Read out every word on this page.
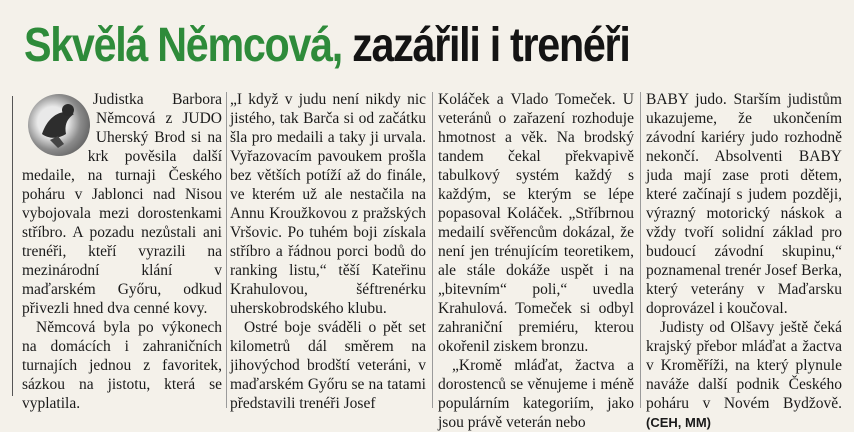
Skvělá Němcová,
zazářili i trenéři

Judistka Barbora Němcová z JUDO Uherský Brod si na krk pověsila další medaile, na turnaji Českého poháru v Jablonci nad Nisou vybojovala mezi dorostenkami stříbro. A pozadu nezůstali ani trenéři, kteří vyrazili na mezinárodní klání v maďarském Győru, odkud přivezli hned dva cenné kovy.

Němcová byla po výkonech na domácích i zahraničních turnajích jednou z favoritek, sázkou na jistotu, která se vyplatila.

„I když v judu není nikdy nic jistého, tak Barča si od začátku šla pro medaili a taky ji urvala. Vyřazovacím pavoukem prošla bez větších potíží až do finále, ve kterém už ale nestačila na Annu Kroužkovou z pražských Vršovic. Po tuhém boji získala stříbro a řádnou porci bodů do ranking listu,“ těší Kateřinu Krahulovou, šéftrenérku uherskobrodského klubu.

Ostré boje sváděli o pět set kilometrů dál směrem na jihovýchod brodští veteráni, v maďarském Győru se na tatami představili trenéři Josef

Koláček a Vlado Tomeček. U veteránů o zařazení rozhoduje hmotnost a věk. Na brodský tandem čekal překvapivě tabulkový systém každý s každým, se kterým se lépe popasoval Koláček. „Stříbrnou medailí svěřencům dokázal, že není jen trénujícím teoretikem, ale stále dokáže uspět i na „bitevním“ poli,“ uvedla Krahulová. Tomeček si odbyl zahraniční premiéru, kterou okořenil ziskem bronzu.

„Kromě mláďat, žactva a dorostenců se věnujeme i méně populárním kategoriím, jako jsou právě veterán nebo

BABY judo. Starším judistům ukazujeme, že ukončením závodní kariéry judo rozhodně nekončí. Absolventi BABY juda mají zase proti dětem, které začínají s judem později, výrazný motorický náskok a vždy tvoří solidní základ pro budoucí závodní skupinu,“ poznamenal trenér Josef Berka, který veterány v Maďarsku doprovázel i koučoval.

Judisty od Olšavy ještě čeká krajský přebor mláďat a žactva v Kroměříži, na který plynule naváže další podnik Českého poháru v Novém Bydžově. (CEH, MM)
